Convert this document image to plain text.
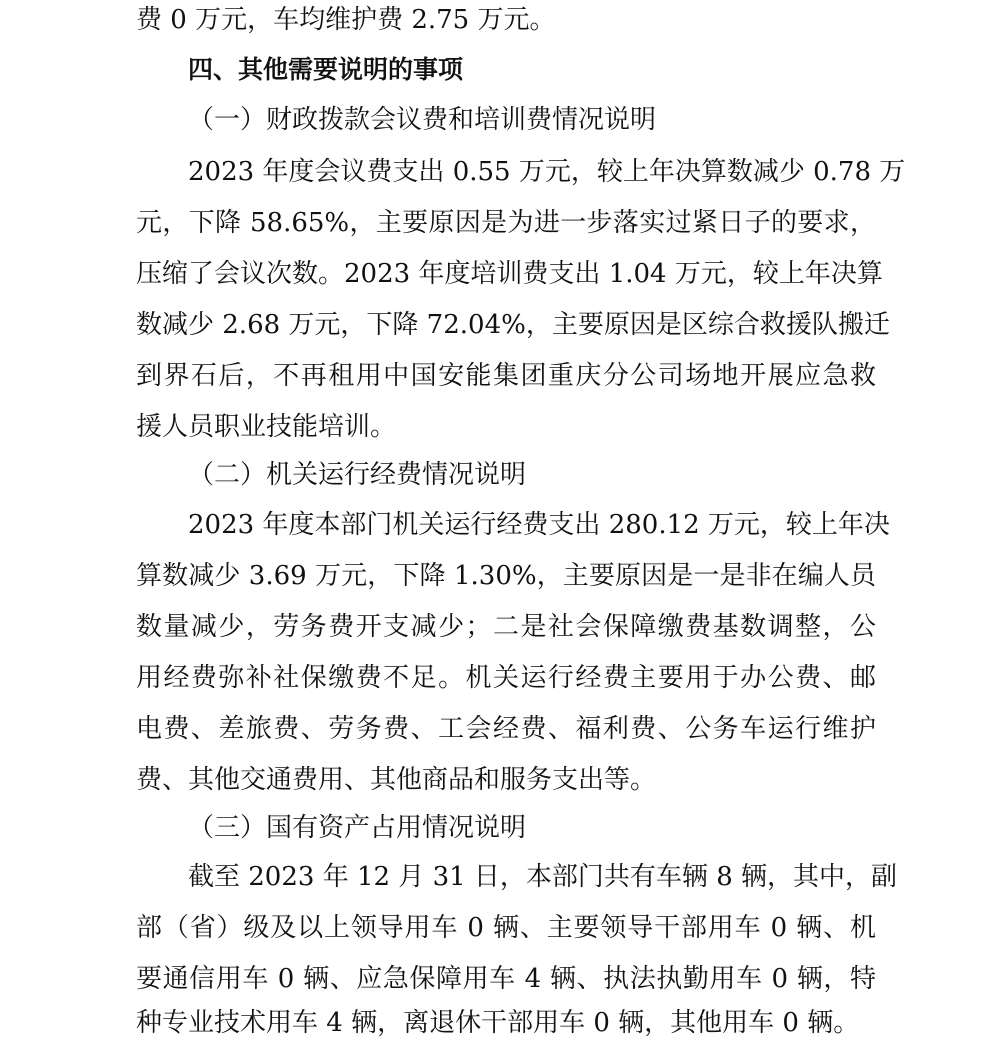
费 0 万元，车均维护费 2.75 万元。
四、其他需要说明的事项
（一）财政拨款会议费和培训费情况说明
2023 年度会议费支出 0.55 万元，较上年决算数减少 0.78 万
元，下降 58.65%，主要原因是为进一步落实过紧日子的要求，
压缩了会议次数。2023 年度培训费支出 1.04 万元，较上年决算
数减少 2.68 万元，下降 72.04%，主要原因是区综合救援队搬迁
到界石后，不再租用中国安能集团重庆分公司场地开展应急救
援人员职业技能培训。
（二）机关运行经费情况说明
2023 年度本部门机关运行经费支出 280.12 万元，较上年决
算数减少 3.69 万元，下降 1.30%，主要原因是一是非在编人员
数量减少，劳务费开支减少；二是社会保障缴费基数调整，公
用经费弥补社保缴费不足。机关运行经费主要用于办公费、邮
电费、差旅费、劳务费、工会经费、福利费、公务车运行维护
费、其他交通费用、其他商品和服务支出等。
（三）国有资产占用情况说明
截至 2023 年 12 月 31 日，本部门共有车辆 8 辆，其中，副
部（省）级及以上领导用车 0 辆、主要领导干部用车 0 辆、机
要通信用车 0 辆、应急保障用车 4 辆、执法执勤用车 0 辆，特
种专业技术用车 4 辆，离退休干部用车 0 辆，其他用车 0 辆。
